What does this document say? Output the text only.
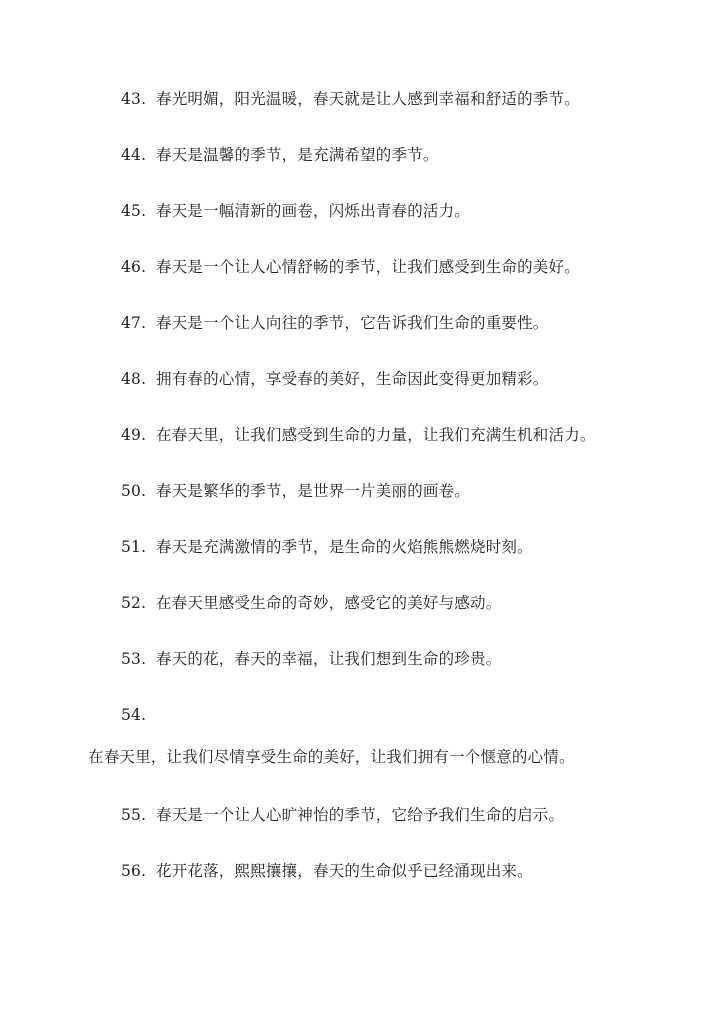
43. 春光明媚，阳光温暖，春天就是让人感到幸福和舒适的季节。
44. 春天是温馨的季节，是充满希望的季节。
45. 春天是一幅清新的画卷，闪烁出青春的活力。
46. 春天是一个让人心情舒畅的季节，让我们感受到生命的美好。
47. 春天是一个让人向往的季节，它告诉我们生命的重要性。
48. 拥有春的心情，享受春的美好，生命因此变得更加精彩。
49. 在春天里，让我们感受到生命的力量，让我们充满生机和活力。
50. 春天是繁华的季节，是世界一片美丽的画卷。
51. 春天是充满激情的季节，是生命的火焰熊熊燃烧时刻。
52. 在春天里感受生命的奇妙，感受它的美好与感动。
53. 春天的花，春天的幸福，让我们想到生命的珍贵。
54.
在春天里，让我们尽情享受生命的美好，让我们拥有一个惬意的心情。
55. 春天是一个让人心旷神怡的季节，它给予我们生命的启示。
56. 花开花落，熙熙攘攘，春天的生命似乎已经涌现出来。
